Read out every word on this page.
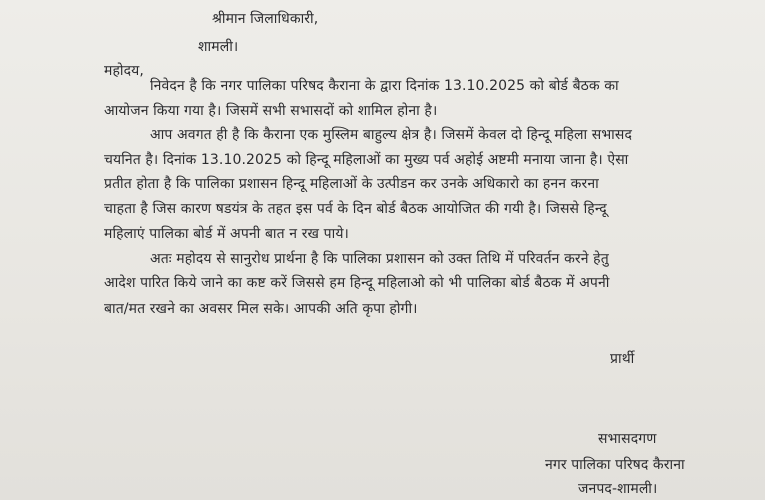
श्रीमान जिलाधिकारी,
शामली।
महोदय,
निवेदन है कि नगर पालिका परिषद कैराना के द्वारा दिनांक 13.10.2025 को बोर्ड बैठक का
आयोजन किया गया है। जिसमें सभी सभासदों को शामिल होना है।
आप अवगत ही है कि कैराना एक मुस्लिम बाहुल्य क्षेत्र है। जिसमें केवल दो हिन्दू महिला सभासद
चयनित है। दिनांक 13.10.2025 को हिन्दू महिलाओं का मुख्य पर्व अहोई अष्टमी मनाया जाना है। ऐसा
प्रतीत होता है कि पालिका प्रशासन हिन्दू महिलाओं के उत्पीडन कर उनके अधिकारो का हनन करना
चाहता है जिस कारण षडयंत्र के तहत इस पर्व के दिन बोर्ड बैठक आयोजित की गयी है। जिससे हिन्दू
महिलाएं पालिका बोर्ड में अपनी बात न रख पाये।
अतः महोदय से सानुरोध प्रार्थना है कि पालिका प्रशासन को उक्त तिथि में परिवर्तन करने हेतु
आदेश पारित किये जाने का कष्ट करें जिससे हम हिन्दू महिलाओ को भी पालिका बोर्ड बैठक में अपनी
बात/मत रखने का अवसर मिल सके। आपकी अति कृपा होगी।
प्रार्थी
सभासदगण
नगर पालिका परिषद कैराना
जनपद-शामली।
